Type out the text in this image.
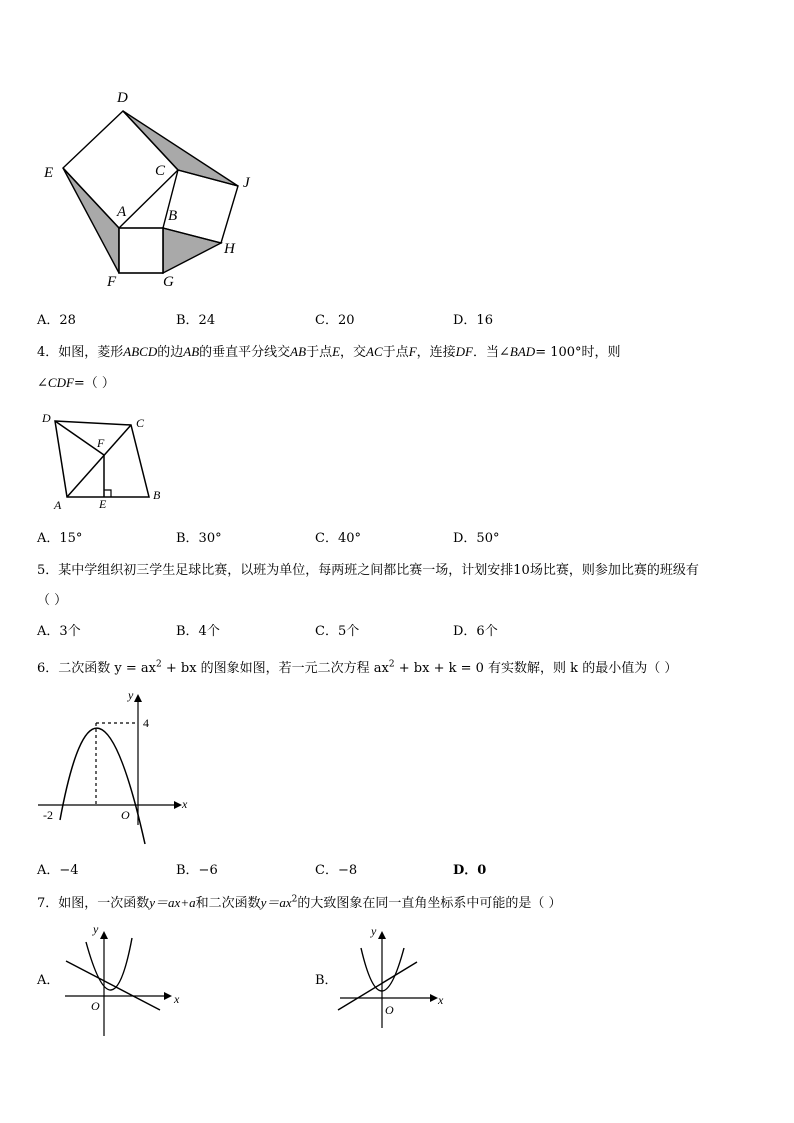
D
E	C
J
A	B
H
F	G
A．28	B．24	C．20	D．16
4．如图，菱形ABCD的边AB的垂直平分线交AB于点E，交AC于点F，连接DF．当∠BAD= 100°时，则
∠CDF=（ ）
D	C
F
A	E
B
A．15°	B．30°	C．40°	D．50°
5．某中学组织初三学生足球比赛，以班为单位，每两班之间都比赛一场，计划安排10场比赛，则参加比赛的班级有
（ ）
A．3个	B．4个	C．5个	D．6个
6．二次函数 $y = ax^2$ + bx 的图象如图，若一元二次方程 $ax^2$ + bx + k = 0 有实数解，则 k 的最小值为（ ）
y
4
x
-2	O
A．−4	B．−6	C．−8	D．0
7．如图，一次函数y＝ax+a和二次函数$y=ax^2$的大致图象在同一直角坐标系中可能的是（ ）
A．
y
x
O
B．
y
x
O
